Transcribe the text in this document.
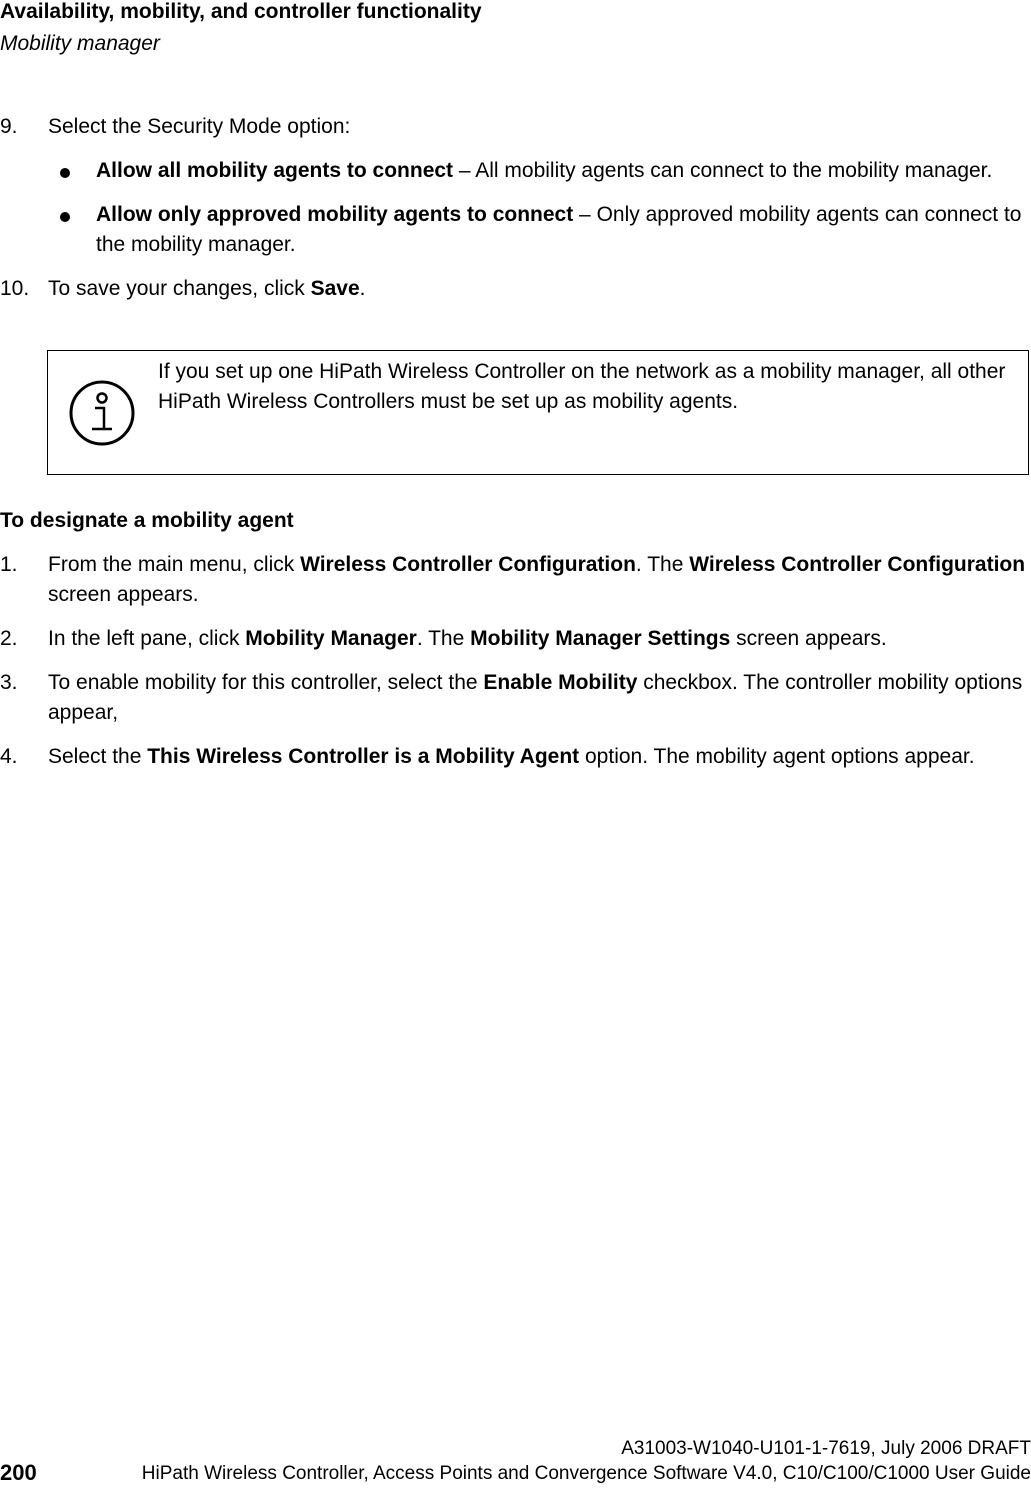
Availability, mobility, and controller functionality
Mobility manager
9. Select the Security Mode option:
Allow all mobility agents to connect – All mobility agents can connect to the mobility manager.
Allow only approved mobility agents to connect – Only approved mobility agents can connect to the mobility manager.
10. To save your changes, click Save.
If you set up one HiPath Wireless Controller on the network as a mobility manager, all other HiPath Wireless Controllers must be set up as mobility agents.
To designate a mobility agent
1. From the main menu, click Wireless Controller Configuration. The Wireless Controller Configuration screen appears.
2. In the left pane, click Mobility Manager. The Mobility Manager Settings screen appears.
3. To enable mobility for this controller, select the Enable Mobility checkbox. The controller mobility options appear,
4. Select the This Wireless Controller is a Mobility Agent option. The mobility agent options appear.
A31003-W1040-U101-1-7619, July 2006 DRAFT
200	HiPath Wireless Controller, Access Points and Convergence Software V4.0, C10/C100/C1000 User Guide
